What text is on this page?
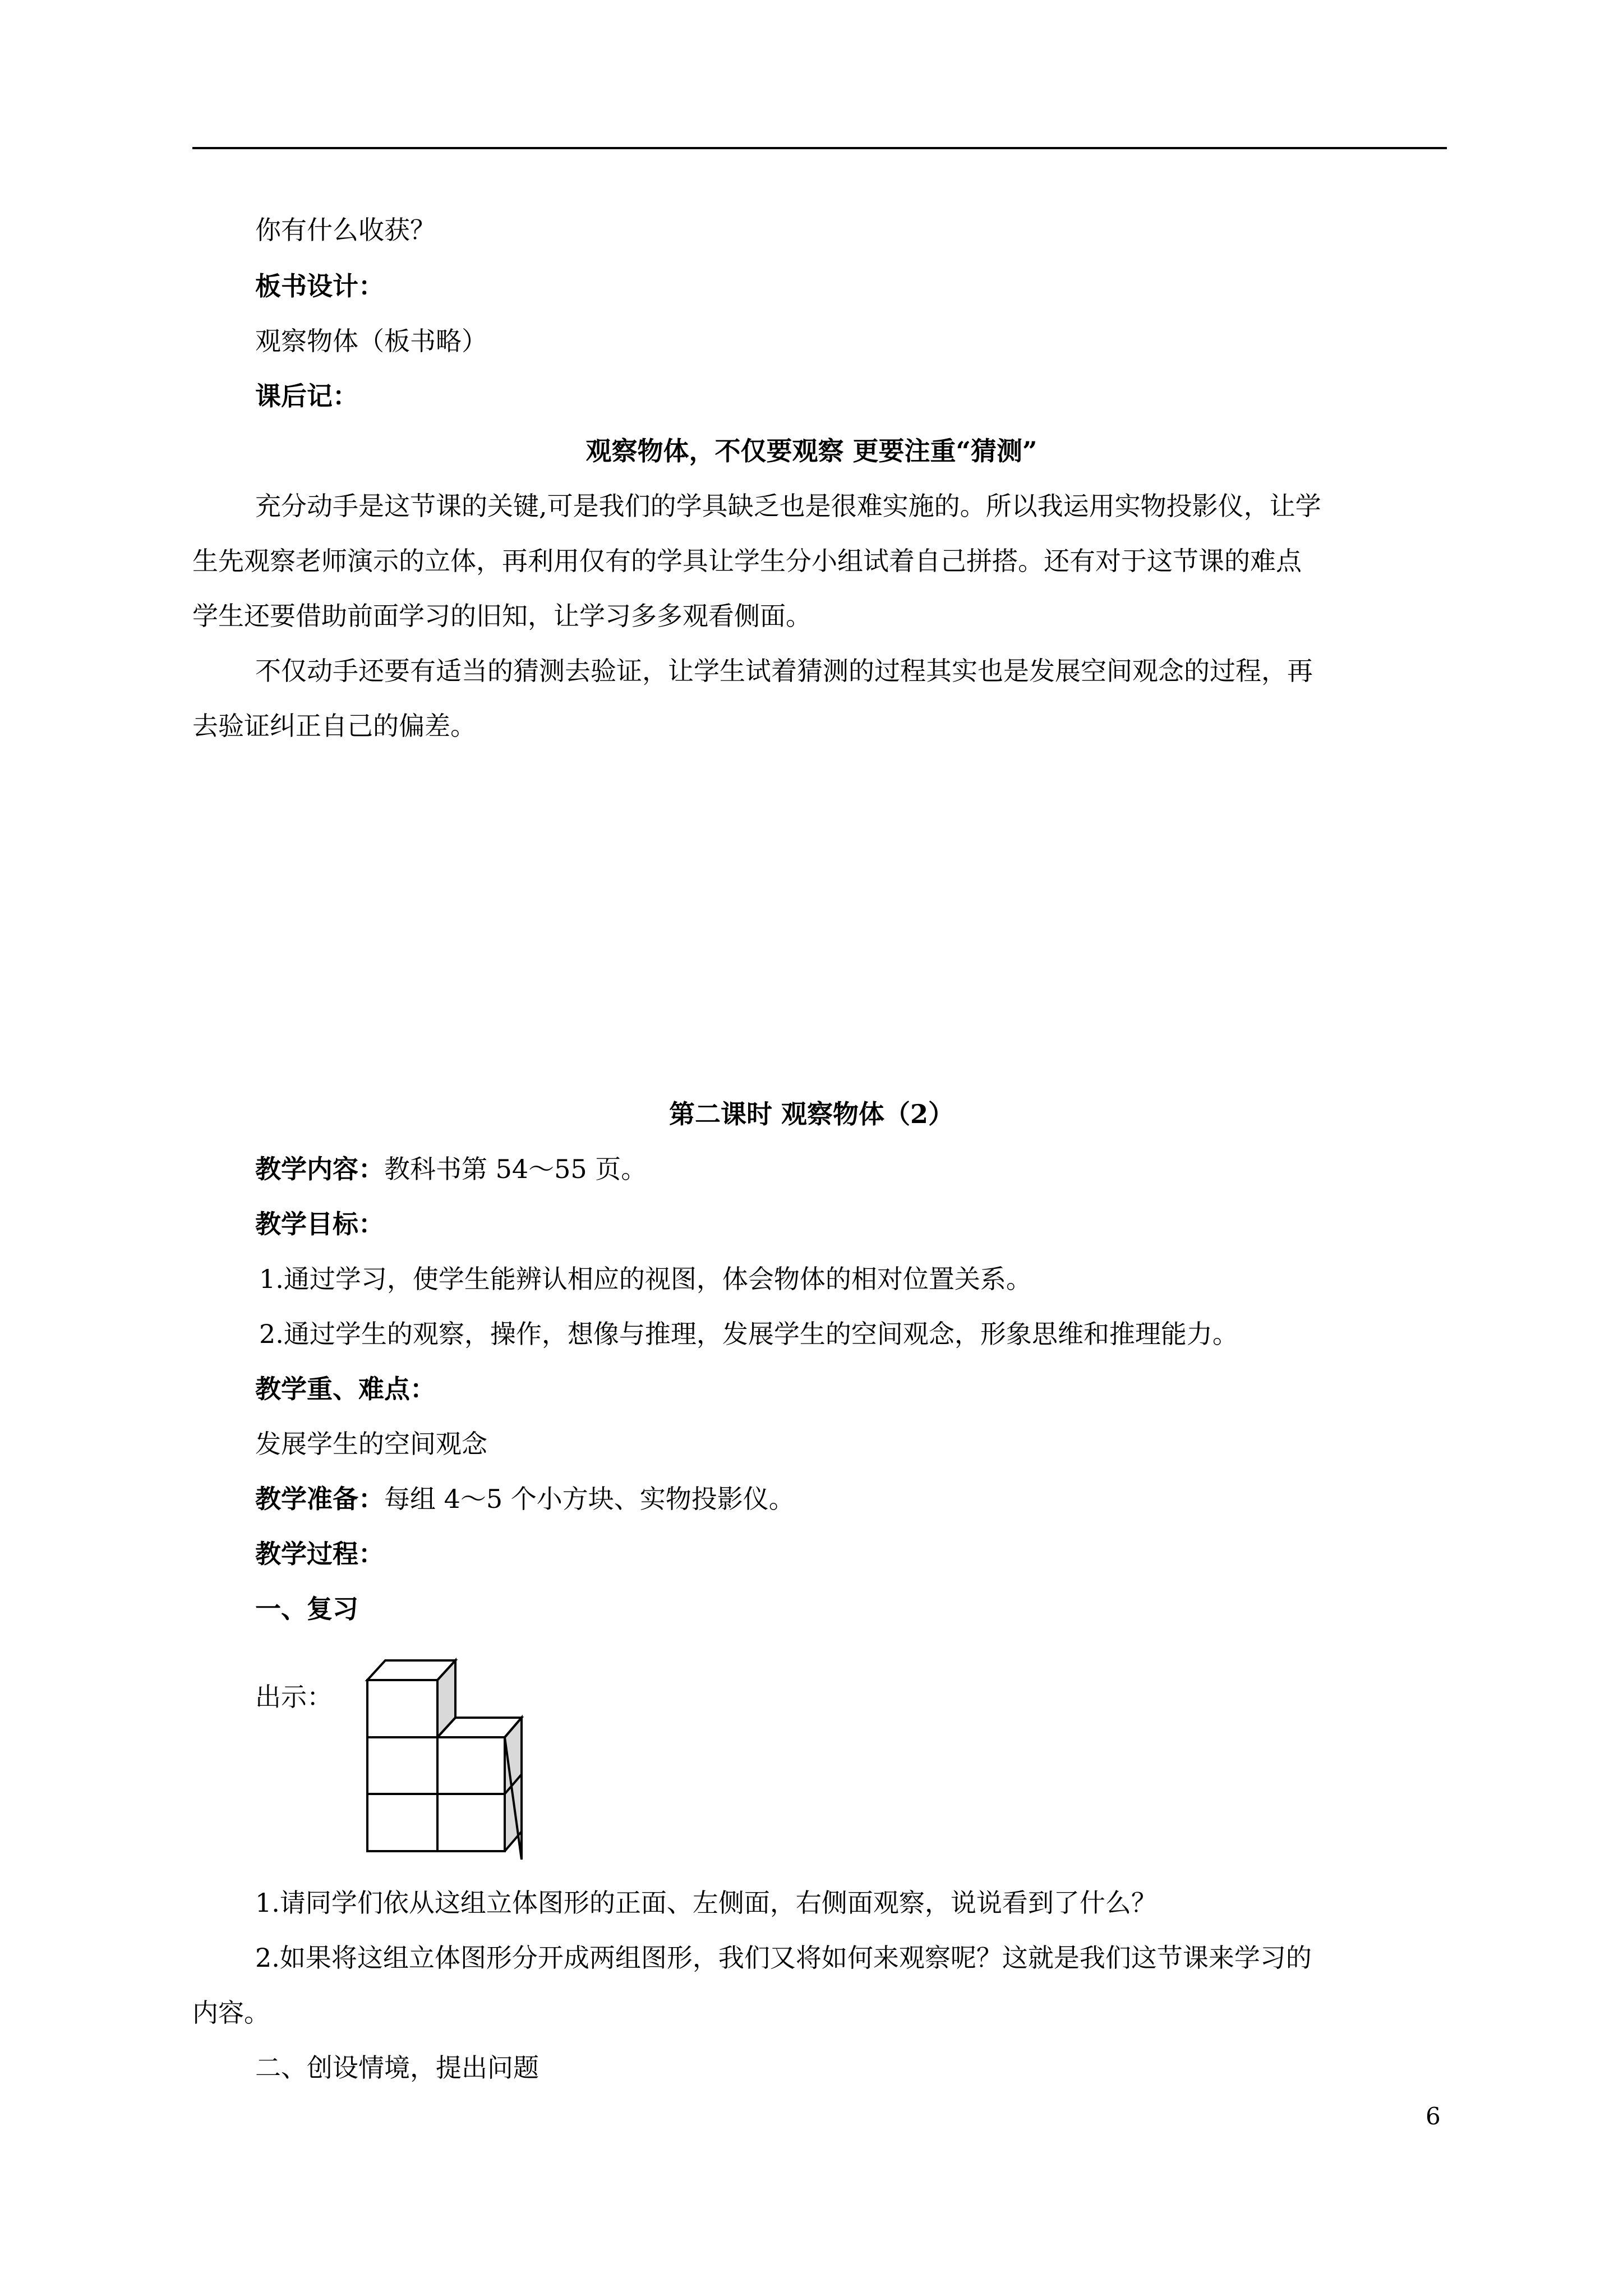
你有什么收获？
板书设计：
观察物体（板书略）
课后记：
观察物体，不仅要观察 更要注重“猜测”
充分动手是这节课的关键,可是我们的学具缺乏也是很难实施的。所以我运用实物投影仪，让学
生先观察老师演示的立体，再利用仅有的学具让学生分小组试着自己拼搭。还有对于这节课的难点
学生还要借助前面学习的旧知，让学习多多观看侧面。
不仅动手还要有适当的猜测去验证，让学生试着猜测的过程其实也是发展空间观念的过程，再
去验证纠正自己的偏差。
第二课时 观察物体（2）
教学内容：教科书第 54～55 页。
教学目标：
1.通过学习，使学生能辨认相应的视图，体会物体的相对位置关系。
2.通过学生的观察，操作，想像与推理，发展学生的空间观念，形象思维和推理能力。
教学重、难点：
发展学生的空间观念
教学准备：每组 4～5 个小方块、实物投影仪。
教学过程：
一、复习
出示：
1.请同学们依从这组立体图形的正面、左侧面，右侧面观察，说说看到了什么？
2.如果将这组立体图形分开成两组图形，我们又将如何来观察呢？这就是我们这节课来学习的
内容。
二、创设情境，提出问题
6
